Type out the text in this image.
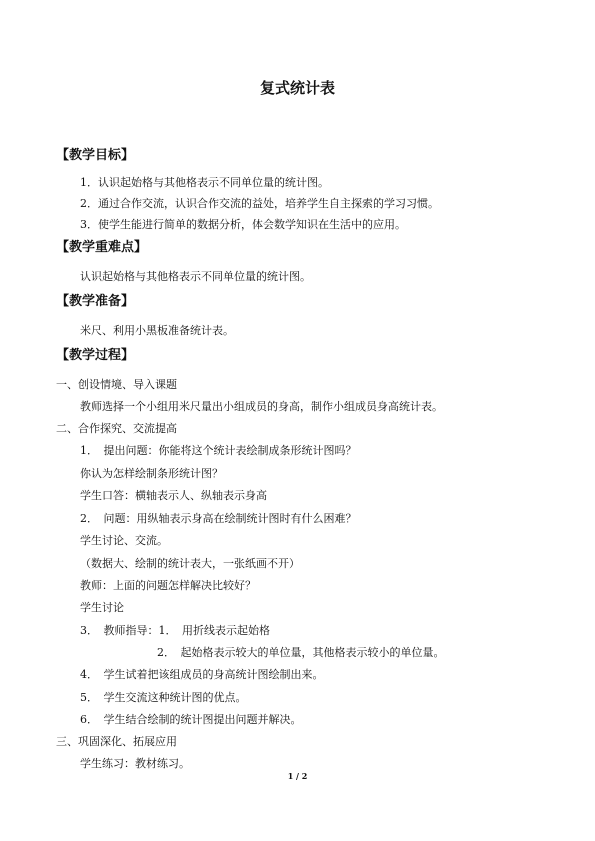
复式统计表
【教学目标】
1．认识起始格与其他格表示不同单位量的统计图。
2．通过合作交流，认识合作交流的益处，培养学生自主探索的学习习惯。
3．使学生能进行简单的数据分析，体会数学知识在生活中的应用。
【教学重难点】
认识起始格与其他格表示不同单位量的统计图。
【教学准备】
米尺、利用小黑板准备统计表。
【教学过程】
一、创设情境、导入课题
教师选择一个小组用米尺量出小组成员的身高，制作小组成员身高统计表。
二、合作探究、交流提高
1．　提出问题：你能将这个统计表绘制成条形统计图吗？
你认为怎样绘制条形统计图？
学生口答：横轴表示人、纵轴表示身高
2．　问题：用纵轴表示身高在绘制统计图时有什么困难？
学生讨论、交流。
（数据大、绘制的统计表大，一张纸画不开）
教师：上面的问题怎样解决比较好？
学生讨论
3．　教师指导：1．　用折线表示起始格
2．　起始格表示较大的单位量，其他格表示较小的单位量。
4．　学生试着把该组成员的身高统计图绘制出来。
5．　学生交流这种统计图的优点。
6．　学生结合绘制的统计图提出问题并解决。
三、巩固深化、拓展应用
学生练习：教材练习。
1 / 2
